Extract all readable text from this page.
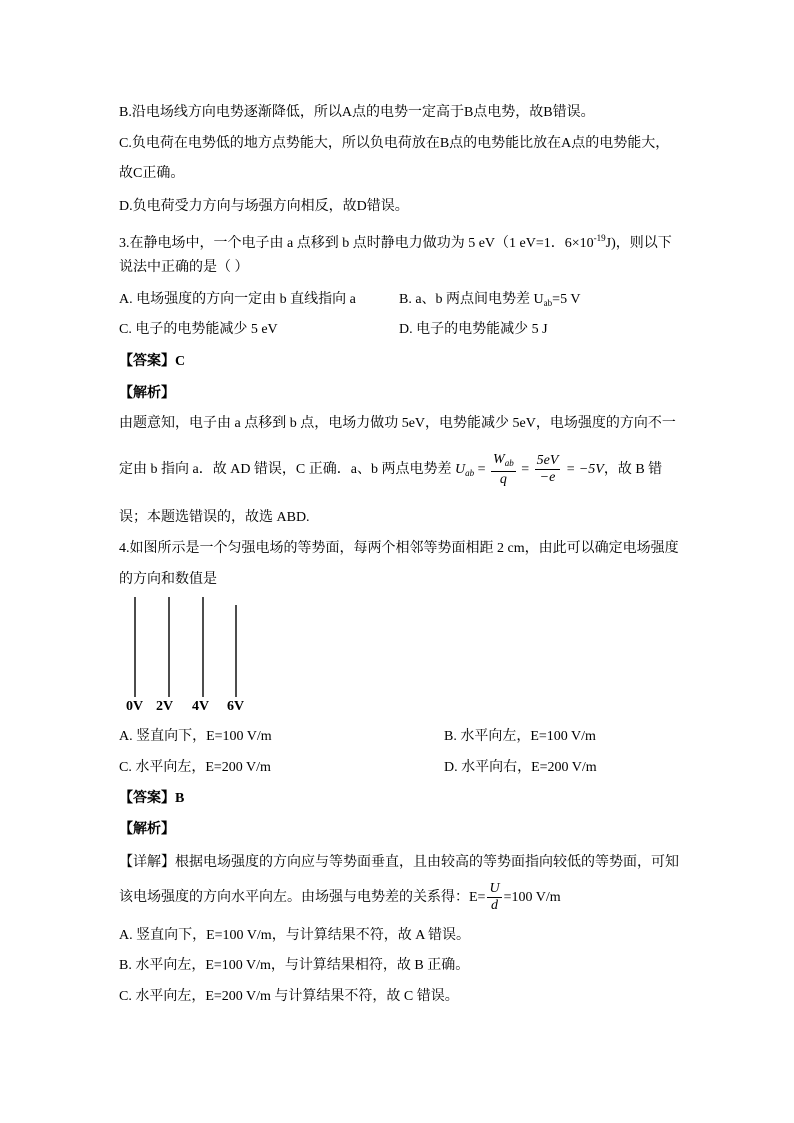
B.沿电场线方向电势逐渐降低，所以A点的电势一定高于B点电势，故B错误。
C.负电荷在电势低的地方点势能大，所以负电荷放在B点的电势能比放在A点的电势能大，
故C正确。
D.负电荷受力方向与场强方向相反，故D错误。
3.在静电场中，一个电子由 a 点移到 b 点时静电力做功为 5 eV（1 eV=1．$6\times 10^{-19}J$)，则以下
说法中正确的是（ ）
A. 电场强度的方向一定由 b 直线指向 a	B. a、b 两点间电势差 $U_{ab}=5$ V
C. 电子的电势能减少 5 eV	D. 电子的电势能减少 5 J
【答案】C
【解析】
由题意知，电子由 a 点移到 b 点，电场力做功 5eV，电势能减少 5eV，电场强度的方向不一
定由 b 指向 a．故 AD 错误，C 正确．a、b 两点电势差 $U_{ab} = \frac{W_{ab}}{q} = \frac{5eV}{-e} = -5V$，故 B 错
误；本题选错误的，故选 ABD.
4.如图所示是一个匀强电场的等势面，每两个相邻等势面相距 2 cm，由此可以确定电场强度
的方向和数值是
0V 2V 4V 6V
A. 竖直向下，E=100 V/m	B. 水平向左，E=100 V/m
C. 水平向左，E=200 V/m	D. 水平向右，E=200 V/m
【答案】B
【解析】
【详解】根据电场强度的方向应与等势面垂直，且由较高的等势面指向较低的等势面，可知
该电场强度的方向水平向左。由场强与电势差的关系得：$E= \frac{U}{d} =100$ V/m
A. 竖直向下，E=100 V/m，与计算结果不符，故 A 错误。
B. 水平向左，E=100 V/m，与计算结果相符，故 B 正确。
C. 水平向左，E=200 V/m 与计算结果不符，故 C 错误。
